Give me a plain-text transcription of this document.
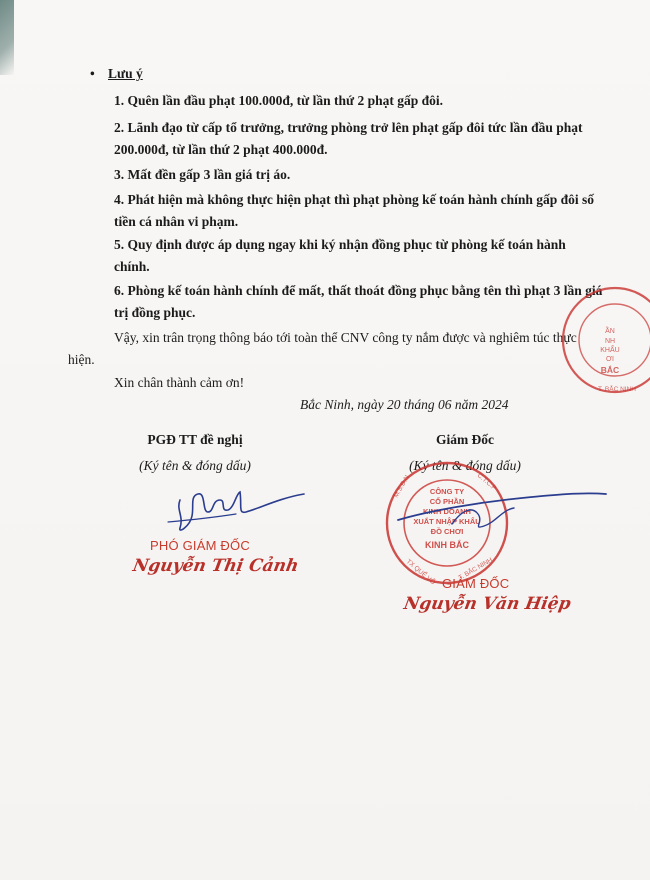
• Lưu ý
1. Quên lần đầu phạt 100.000đ, từ lần thứ 2 phạt gấp đôi.
2. Lãnh đạo từ cấp tổ trưởng, trưởng phòng trở lên phạt gấp đôi tức lần đầu phạt 200.000đ, từ lần thứ 2 phạt 400.000đ.
3. Mất đền gấp 3 lần giá trị áo.
4. Phát hiện mà không thực hiện phạt thì phạt phòng kế toán hành chính gấp đôi số tiền cá nhân vi phạm.
5. Quy định được áp dụng ngay khi ký nhận đồng phục từ phòng kế toán hành chính.
6. Phòng kế toán hành chính để mất, thất thoát đồng phục bằng tên thì phạt 3 lần giá trị đồng phục.
Vậy, xin trân trọng thông báo tới toàn thể CNV công ty nắm được và nghiêm túc thực
hiện.
Xin chân thành cảm ơn!
Bắc Ninh, ngày 20 tháng 06 năm 2024
PGĐ TT đề nghị
(Ký tên & đóng dấu)
PHÓ GIÁM ĐỐC
Nguyễn Thị Cảnh
Giám Đốc
(Ký tên & đóng dấu)
CÔNG TY
CỔ PHẦN
KINH DOANH
XUẤT NHẬP KHẨU
ĐỒ CHƠI
KINH BẮC
M.S.D.N	C.T.C.P
TX QUẾ VÕ	T. BẮC NINH
ẦN
NH
KHẨU
ƠI
BẮC
T. BẮC NINH
GIÁM ĐỐC
Nguyễn Văn Hiệp
